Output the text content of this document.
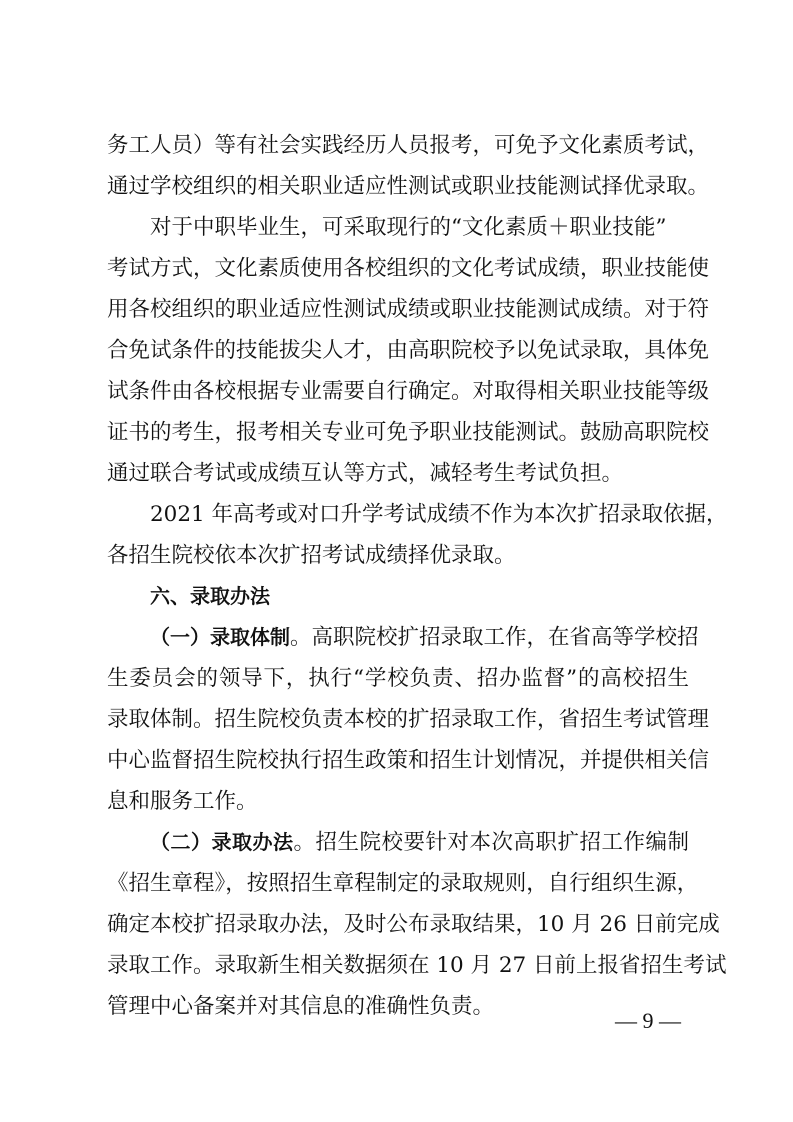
务工人员）等有社会实践经历人员报考，可免予文化素质考试，
通过学校组织的相关职业适应性测试或职业技能测试择优录取。
对于中职毕业生，可采取现行的“文化素质＋职业技能”
考试方式，文化素质使用各校组织的文化考试成绩，职业技能使
用各校组织的职业适应性测试成绩或职业技能测试成绩。对于符
合免试条件的技能拔尖人才，由高职院校予以免试录取，具体免
试条件由各校根据专业需要自行确定。对取得相关职业技能等级
证书的考生，报考相关专业可免予职业技能测试。鼓励高职院校
通过联合考试或成绩互认等方式，减轻考生考试负担。
2021 年高考或对口升学考试成绩不作为本次扩招录取依据，
各招生院校依本次扩招考试成绩择优录取。
六、录取办法
（一）录取体制。高职院校扩招录取工作，在省高等学校招
生委员会的领导下，执行“学校负责、招办监督”的高校招生
录取体制。招生院校负责本校的扩招录取工作，省招生考试管理
中心监督招生院校执行招生政策和招生计划情况，并提供相关信
息和服务工作。
（二）录取办法。招生院校要针对本次高职扩招工作编制
《招生章程》，按照招生章程制定的录取规则，自行组织生源，
确定本校扩招录取办法，及时公布录取结果，10 月 26 日前完成
录取工作。录取新生相关数据须在 10 月 27 日前上报省招生考试
管理中心备案并对其信息的准确性负责。
— 9 —
